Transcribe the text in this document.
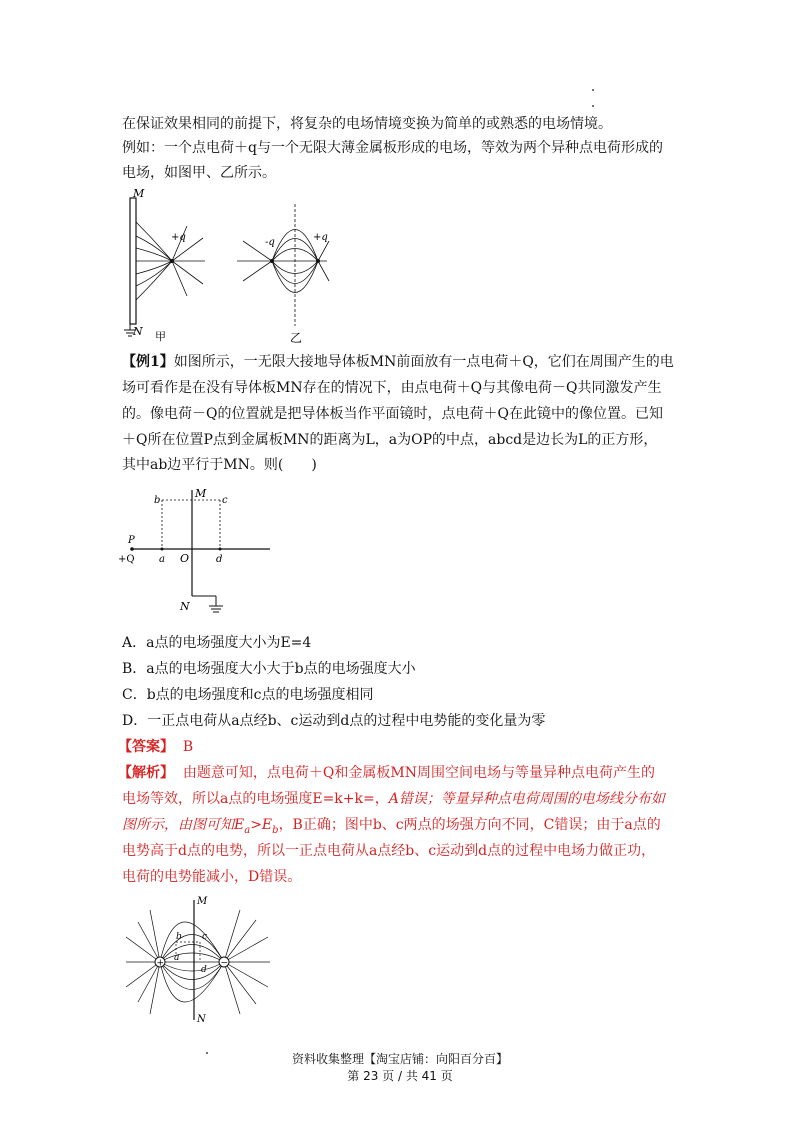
在保证效果相同的前提下，将复杂的电场情境变换为简单的或熟悉的电场情境。

例如：一个点电荷＋q与一个无限大薄金属板形成的电场，等效为两个异种点电荷形成的

电场，如图甲、乙所示。

M
N
+q	-q	+q
甲	乙

【例1】如图所示，一无限大接地导体板MN前面放有一点电荷＋Q，它们在周围产生的电

场可看作是在没有导体板MN存在的情况下，由点电荷＋Q与其像电荷－Q共同激发产生

的。像电荷－Q的位置就是把导体板当作平面镜时，点电荷＋Q在此镜中的像位置。已知

＋Q所在位置P点到金属板MN的距离为L，a为OP的中点，abcd是边长为L的正方形，

其中ab边平行于MN。则(　　)

b
M
c
P
+Q a O	d
N

A．a点的电场强度大小为E=4

B．a点的电场强度大小大于b点的电场强度大小

C．b点的电场强度和c点的电场强度相同

D．一正点电荷从a点经b、c运动到d点的过程中电势能的变化量为零

【答案】 B

【解析】 由题意可知，点电荷＋Q和金属板MN周围空间电场与等量异种点电荷产生的

电场等效，所以a点的电场强度E=k+k=，A错误；等量异种点电荷周围的电场线分布如

图所示，由图可知$E_a>E_b$，B正确；图中b、c两点的场强方向不同，C错误；由于a点的

电势高于d点的电势，所以一正点电荷从a点经b、c运动到d点的过程中电场力做正功，

电荷的电势能减小，D错误。

+	−
M
N
b c
a
d
资料收集整理【淘宝店铺：向阳百分百】
第 23 页 / 共 41 页
